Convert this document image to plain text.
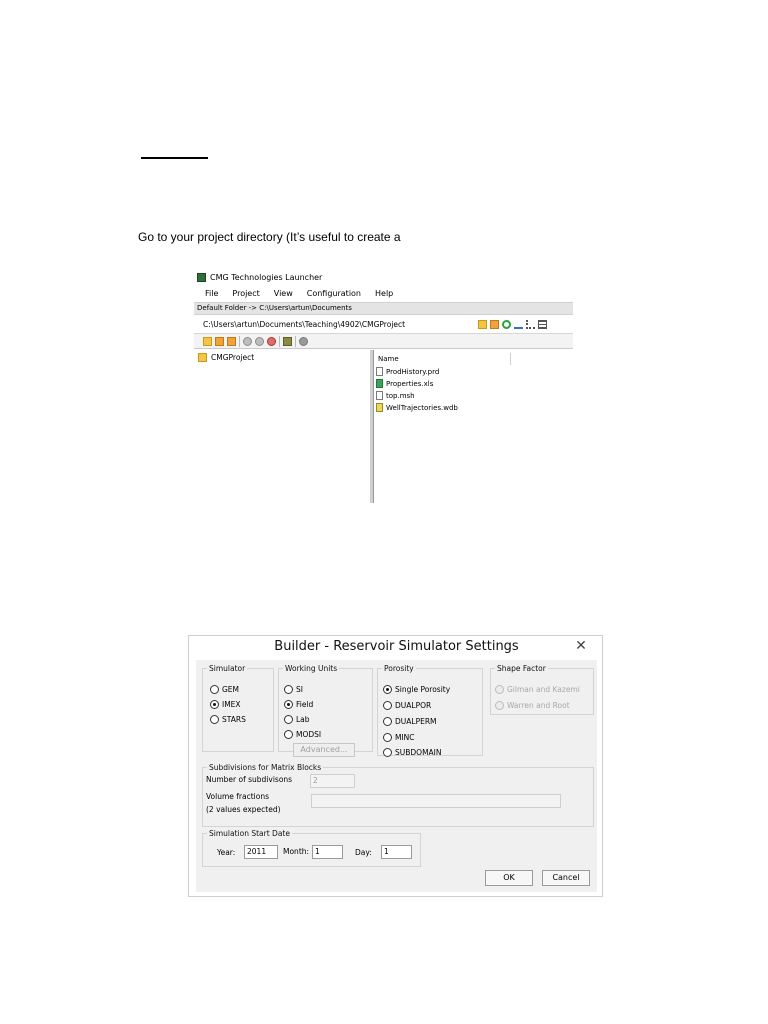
Go to your project directory (It’s useful to create a
CMG Technologies Launcher
File Project View Configuration Help
Default Folder -> C:\Users\artun\Documents
C:\Users\artun\Documents\Teaching\4902\CMGProject
CMGProject	Name
ProdHistory.prd
Properties.xls
top.msh
WellTrajectories.wdb
Builder - Reservoir Simulator Settings	✕
Simulator
GEM
IMEX
STARS
Working Units
SI
Field
Lab
MODSI
Advanced...
Porosity
Single Porosity
DUALPOR
DUALPERM
MINC
SUBDOMAIN
Shape Factor
Gilman and Kazemi
Warren and Root
Subdivisions for Matrix Blocks
Number of subdivisons	2
Volume fractions
(2 values expected)
Simulation Start Date
Year:	2011	Month: 1	Day:	1
OK	Cancel
